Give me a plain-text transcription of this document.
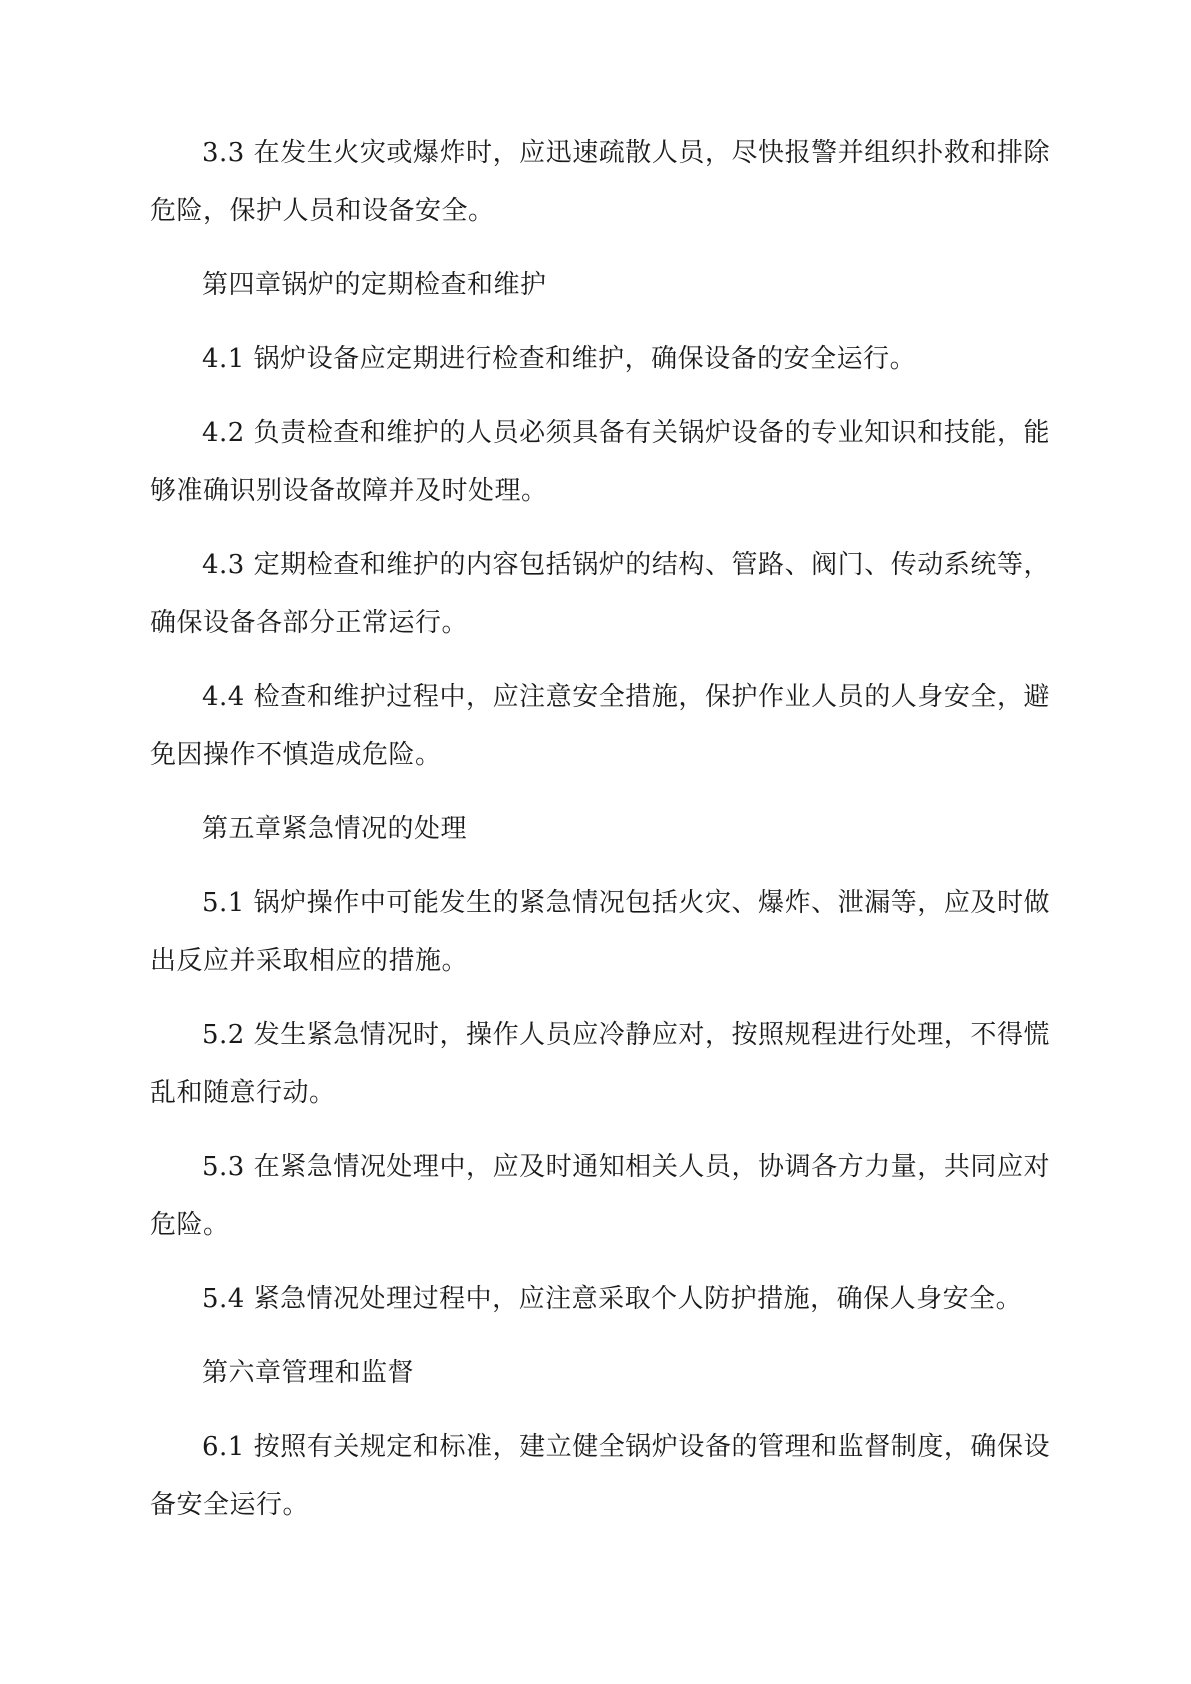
3.3 在发生火灾或爆炸时，应迅速疏散人员，尽快报警并组织扑救和排除危险，保护人员和设备安全。

第四章锅炉的定期检查和维护

4.1 锅炉设备应定期进行检查和维护，确保设备的安全运行。

4.2 负责检查和维护的人员必须具备有关锅炉设备的专业知识和技能，能够准确识别设备故障并及时处理。

4.3 定期检查和维护的内容包括锅炉的结构、管路、阀门、传动系统等，确保设备各部分正常运行。

4.4 检查和维护过程中，应注意安全措施，保护作业人员的人身安全，避免因操作不慎造成危险。

第五章紧急情况的处理

5.1 锅炉操作中可能发生的紧急情况包括火灾、爆炸、泄漏等，应及时做出反应并采取相应的措施。

5.2 发生紧急情况时，操作人员应冷静应对，按照规程进行处理，不得慌乱和随意行动。

5.3 在紧急情况处理中，应及时通知相关人员，协调各方力量，共同应对危险。

5.4 紧急情况处理过程中，应注意采取个人防护措施，确保人身安全。

第六章管理和监督

6.1 按照有关规定和标准，建立健全锅炉设备的管理和监督制度，确保设备安全运行。
